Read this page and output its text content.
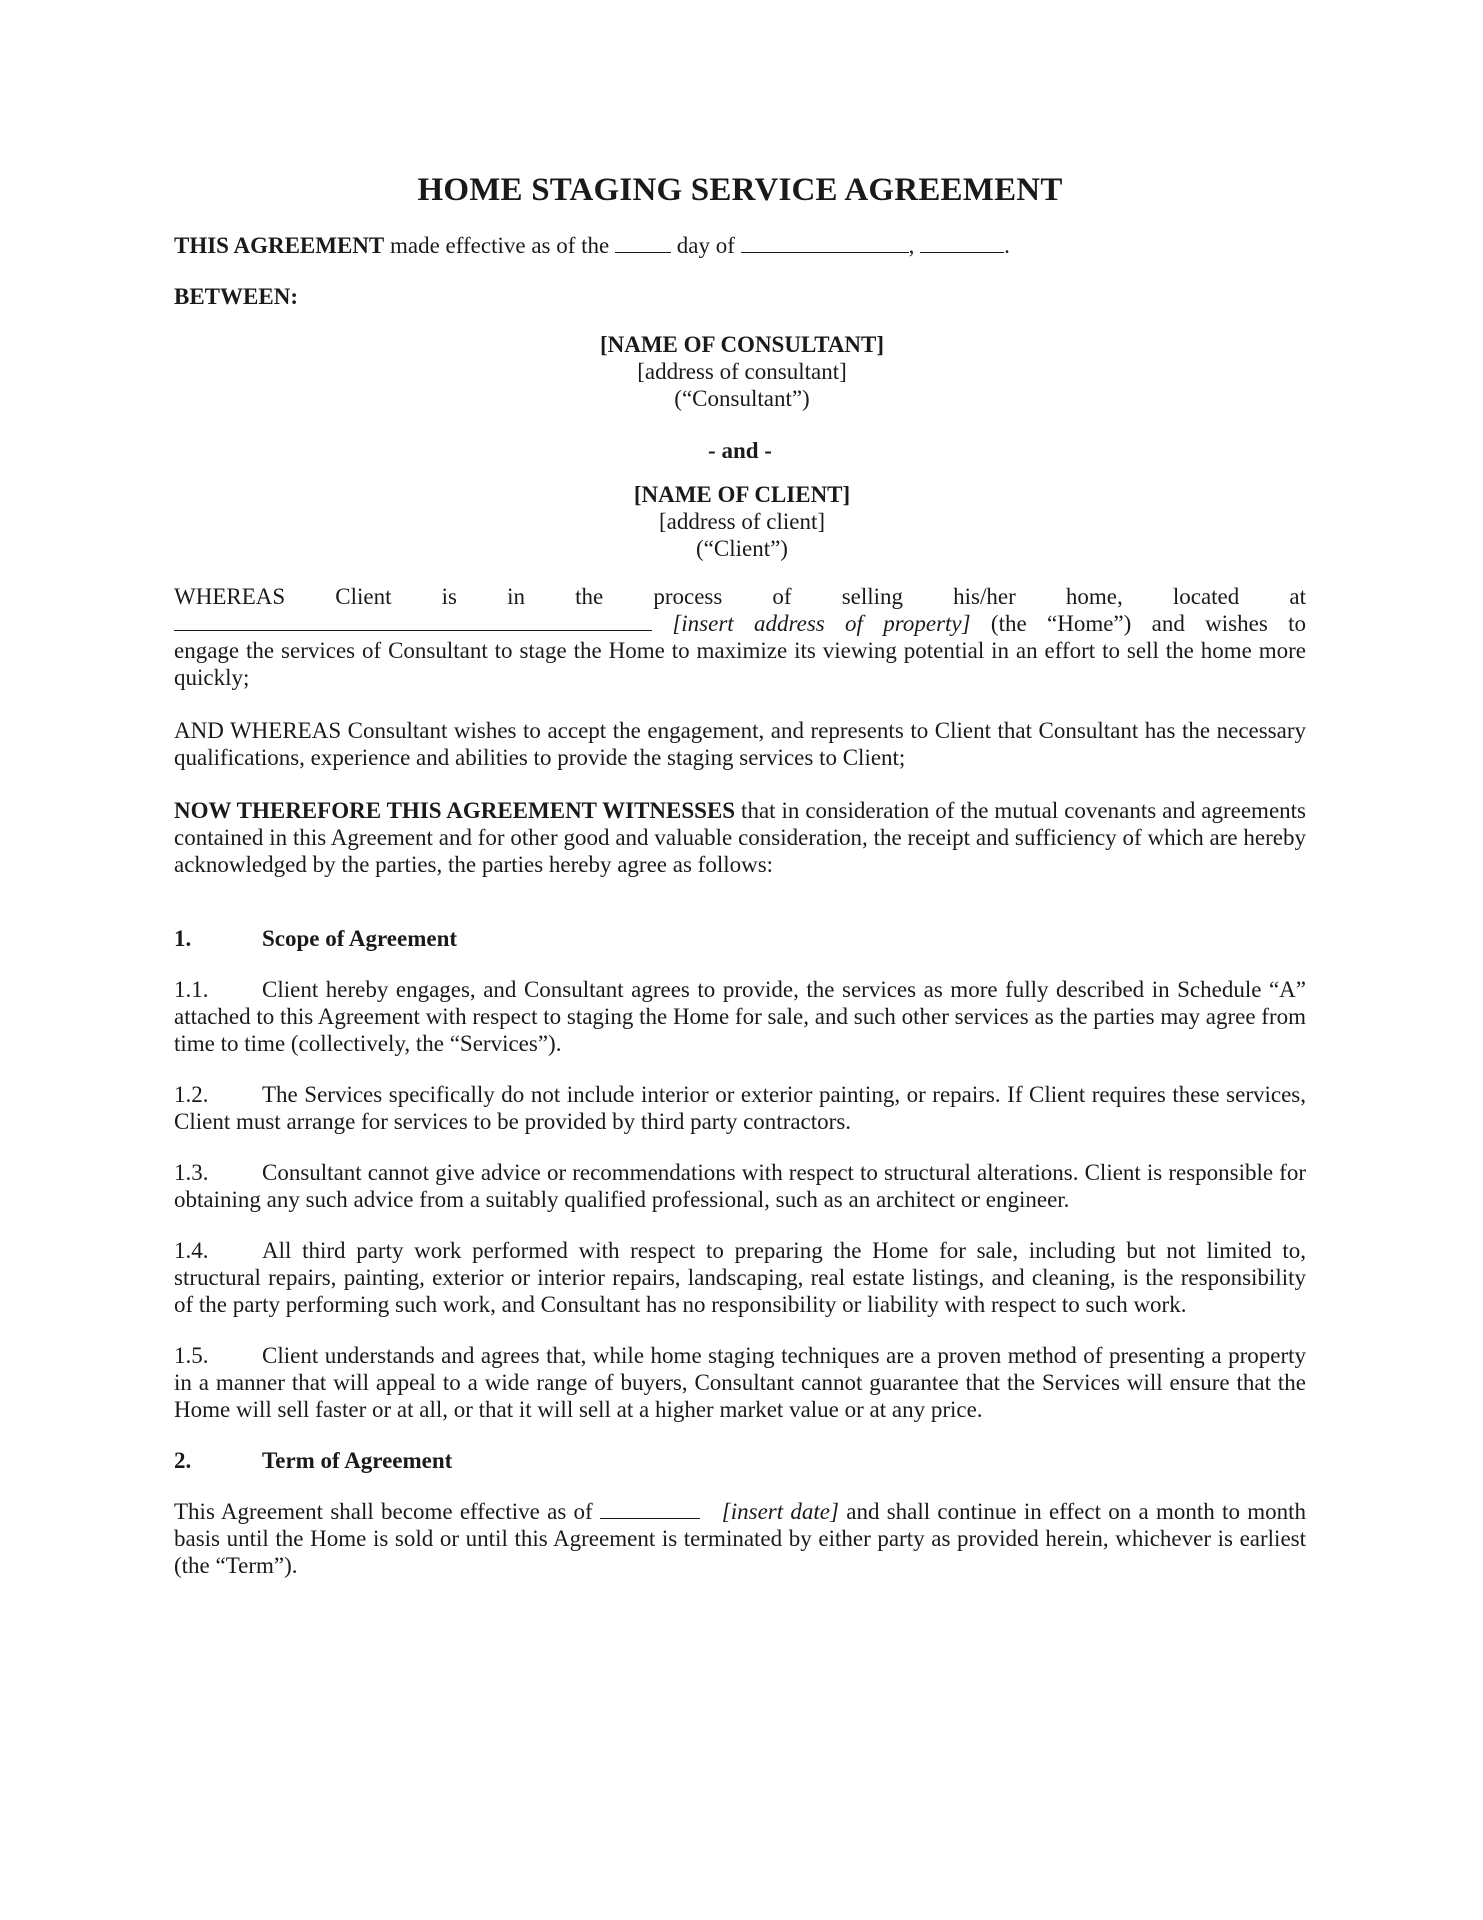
HOME STAGING SERVICE AGREEMENT

THIS AGREEMENT made effective as of the  day of	,	.

BETWEEN:

[NAME OF CONSULTANT]
[address of consultant]
(“Consultant”)
- and -
[NAME OF CLIENT]
[address of client]
(“Client”)
WHEREAS Client is in the process of selling his/her home, located at
[insert address of property] (the “Home”) and wishes to

engage the services of Consultant to stage the Home to maximize its viewing potential in an effort to sell the home more quickly;

AND WHEREAS Consultant wishes to accept the engagement, and represents to Client that Consultant has the necessary qualifications, experience and abilities to provide the staging services to Client;

NOW THEREFORE THIS AGREEMENT WITNESSES that in consideration of the mutual covenants and agreements contained in this Agreement and for other good and valuable consideration, the receipt and sufficiency of which are hereby acknowledged by the parties, the parties hereby agree as follows:

1.	Scope of Agreement

1.1. Client hereby engages, and Consultant agrees to provide, the services as more fully described in Schedule “A” attached to this Agreement with respect to staging the Home for sale, and such other services as the parties may agree from time to time (collectively, the “Services”).

1.2. The Services specifically do not include interior or exterior painting, or repairs. If Client requires these services, Client must arrange for services to be provided by third party contractors.

1.3. Consultant cannot give advice or recommendations with respect to structural alterations. Client is responsible for obtaining any such advice from a suitably qualified professional, such as an architect or engineer.

1.4. All third party work performed with respect to preparing the Home for sale, including but not limited to, structural repairs, painting, exterior or interior repairs, landscaping, real estate listings, and cleaning, is the responsibility of the party performing such work, and Consultant has no responsibility or liability with respect to such work.

1.5. Client understands and agrees that, while home staging techniques are a proven method of presenting a property in a manner that will appeal to a wide range of buyers, Consultant cannot guarantee that the Services will ensure that the Home will sell faster or at all, or that it will sell at a higher market value or at any price.

2.	Term of Agreement

This Agreement shall become effective as of	[insert date] and shall continue in effect on a month to month basis until the Home is sold or until this Agreement is terminated by either party as provided herein, whichever is earliest (the “Term”).
